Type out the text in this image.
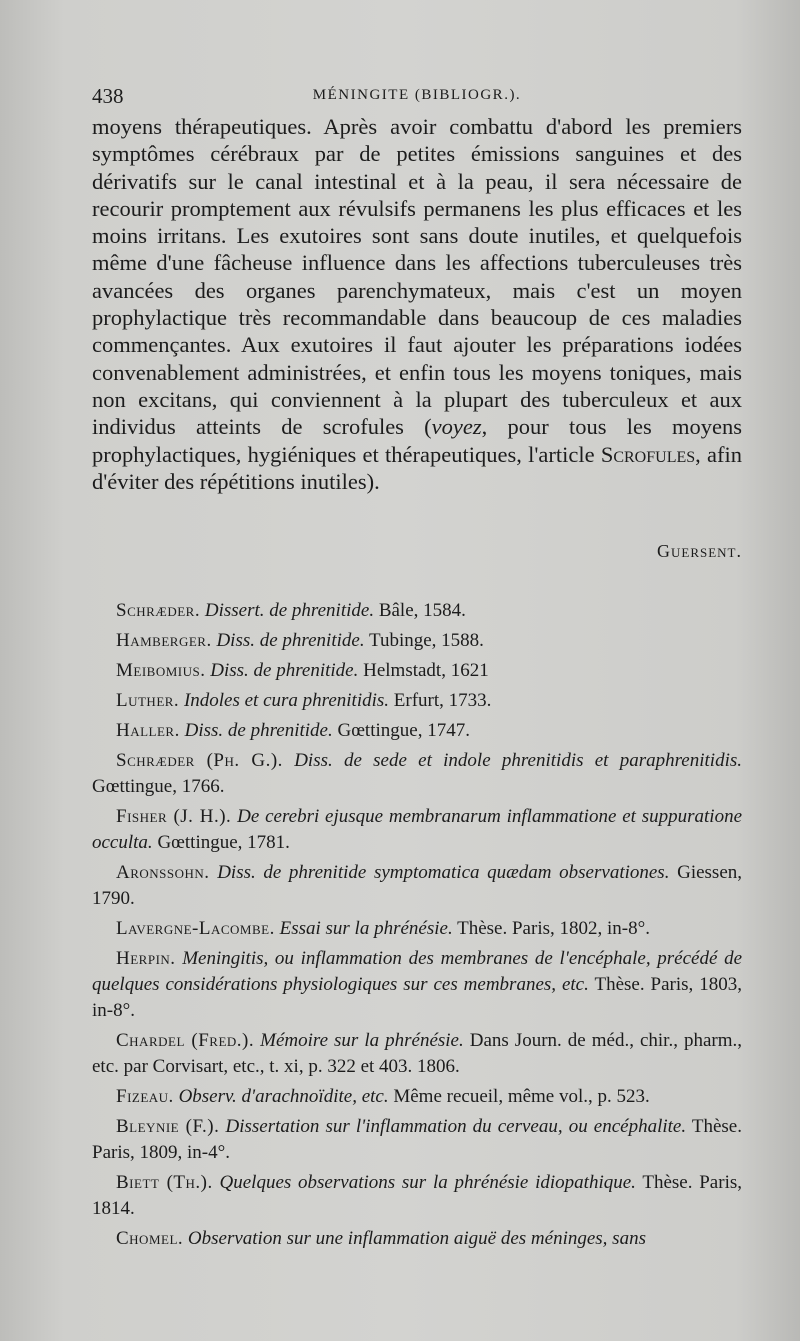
438	MÉNINGITE (BIBLIOGR.).

moyens thérapeutiques. Après avoir combattu d'abord les premiers symptômes cérébraux par de petites émissions sanguines et des dérivatifs sur le canal intestinal et à la peau, il sera nécessaire de recourir promptement aux révulsifs permanens les plus efficaces et les moins irritans. Les exutoires sont sans doute inutiles, et quelquefois même d'une fâcheuse influence dans les affections tuberculeuses très avancées des organes parenchymateux, mais c'est un moyen prophylactique très recommandable dans beaucoup de ces maladies commençantes. Aux exutoires il faut ajouter les préparations iodées convenablement administrées, et enfin tous les moyens toniques, mais non excitans, qui conviennent à la plupart des tuberculeux et aux individus atteints de scrofules (voyez, pour tous les moyens prophylactiques, hygiéniques et thérapeutiques, l'article Scrofules, afin d'éviter des répétitions inutiles).

Guersent.

Schræder. Dissert. de phrenitide. Bâle, 1584.

Hamberger. Diss. de phrenitide. Tubinge, 1588.

Meibomius. Diss. de phrenitide. Helmstadt, 1621

Luther. Indoles et cura phrenitidis. Erfurt, 1733.

Haller. Diss. de phrenitide. Gœttingue, 1747.

Schræder (Ph. G.). Diss. de sede et indole phrenitidis et paraphrenitidis. Gœttingue, 1766.

Fisher (J. H.). De cerebri ejusque membranarum inflammatione et suppuratione occulta. Gœttingue, 1781.

Aronssohn. Diss. de phrenitide symptomatica quædam observationes. Giessen, 1790.

Lavergne-Lacombe. Essai sur la phrénésie. Thèse. Paris, 1802, in-8°.

Herpin. Meningitis, ou inflammation des membranes de l'encéphale, précédé de quelques considérations physiologiques sur ces membranes, etc. Thèse. Paris, 1803, in-8°.

Chardel (Fred.). Mémoire sur la phrénésie. Dans Journ. de méd., chir., pharm., etc. par Corvisart, etc., t. xi, p. 322 et 403. 1806.

Fizeau. Observ. d'arachnoïdite, etc. Même recueil, même vol., p. 523.

Bleynie (F.). Dissertation sur l'inflammation du cerveau, ou encéphalite. Thèse. Paris, 1809, in-4°.

Biett (Th.). Quelques observations sur la phrénésie idiopathique. Thèse. Paris, 1814.

Chomel. Observation sur une inflammation aiguë des méninges, sans
